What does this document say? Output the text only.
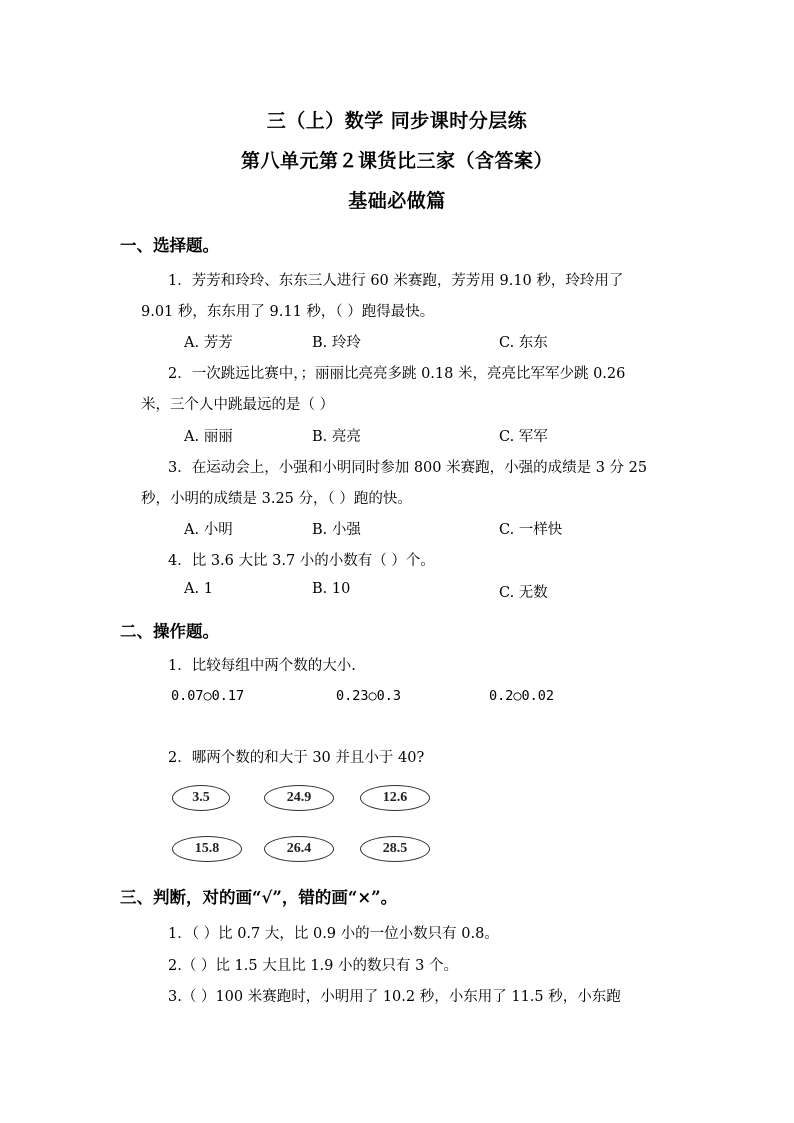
三（上）数学 同步课时分层练
第八单元第２课货比三家（含答案）
基础必做篇
一、选择题。
1．芳芳和玲玲、东东三人进行 60 米赛跑，芳芳用 9.10 秒，玲玲用了
9.01 秒，东东用了 9.11 秒，（ ）跑得最快。
A. 芳芳	B. 玲玲	C. 东东
2．一次跳远比赛中，；丽丽比亮亮多跳 0.18 米，亮亮比军军少跳 0.26
米，三个人中跳最远的是（ ）
A. 丽丽	B. 亮亮	C. 军军
3．在运动会上，小强和小明同时参加 800 米赛跑，小强的成绩是 3 分 25
秒，小明的成绩是 3.25 分，（ ）跑的快。
A. 小明	B. 小强	C. 一样快
4．比 3.6 大比 3.7 小的小数有（ ）个。
A. 1	B. 10	C. 无数
二、操作题。
1．比较每组中两个数的大小.
0.07○0.17	0.23○0.3	0.2○0.02
2．哪两个数的和大于 30 并且小于 40?
3.5	24.9	12.6
15.8	26.4	28.5
三、判断，对的画“√”，错的画“×”。
1．（ ）比 0.7 大，比 0.9 小的一位小数只有 0.8。
2.（ ）比 1.5 大且比 1.9 小的数只有 3 个。
3.（ ）100 米赛跑时，小明用了 10.2 秒，小东用了 11.5 秒，小东跑
